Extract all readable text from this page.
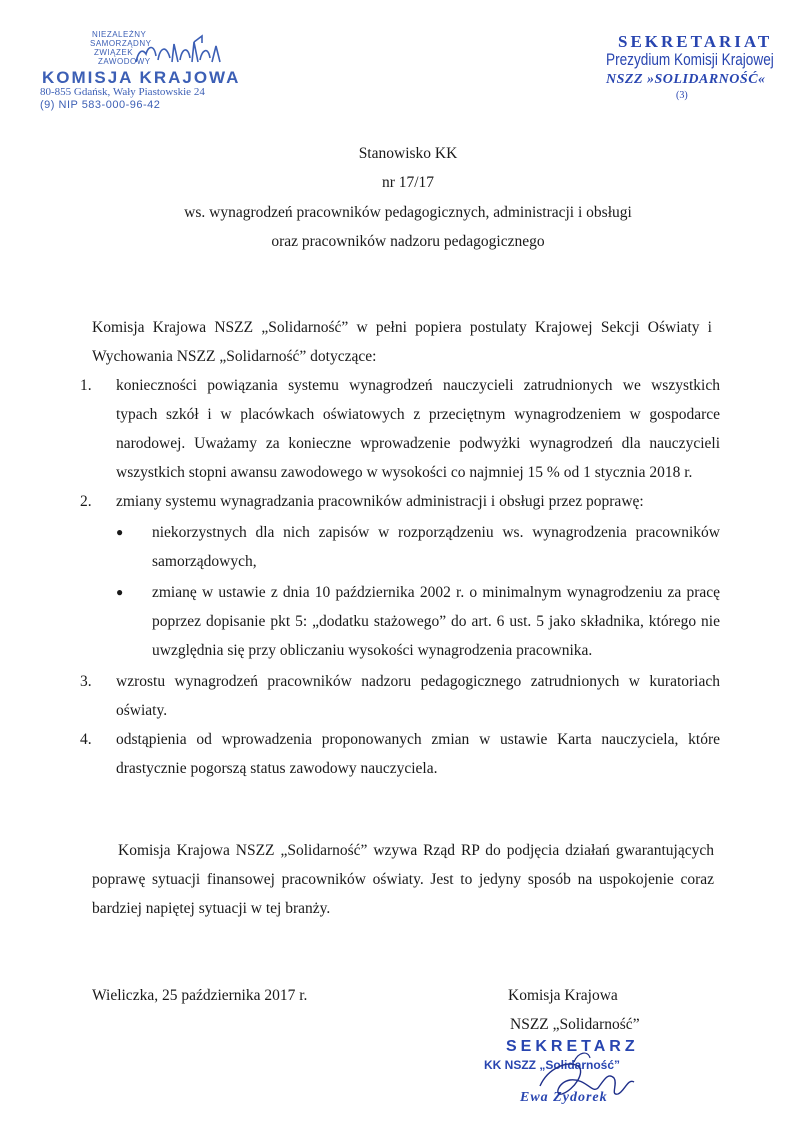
NIEZALEŻNY
SAMORZĄDNY
ZWIĄZEK
ZAWODOWY
KOMISJA KRAJOWA
80-855 Gdańsk, Wały Piastowskie 24
(9) NIP 583-000-96-42
SEKRETARIAT
Prezydium Komisji Krajowej
NSZZ »SOLIDARNOŚĆ«
(3)
Stanowisko KK
nr 17/17
ws. wynagrodzeń pracowników pedagogicznych, administracji i obsługi
oraz pracowników nadzoru pedagogicznego
Komisja Krajowa NSZZ „Solidarność” w pełni popiera postulaty Krajowej Sekcji Oświaty i Wychowania NSZZ „Solidarność” dotyczące:
1. konieczności powiązania systemu wynagrodzeń nauczycieli zatrudnionych we wszystkich typach szkół i w placówkach oświatowych z przeciętnym wynagrodzeniem w gospodarce narodowej. Uważamy za konieczne wprowadzenie podwyżki wynagrodzeń dla nauczycieli wszystkich stopni awansu zawodowego w wysokości co najmniej 15 % od 1 stycznia 2018 r.
2. zmiany systemu wynagradzania pracowników administracji i obsługi przez poprawę:
● niekorzystnych dla nich zapisów w rozporządzeniu ws. wynagrodzenia pracowników samorządowych,
● zmianę w ustawie z dnia 10 października 2002 r. o minimalnym wynagrodzeniu za pracę poprzez dopisanie pkt 5: „dodatku stażowego” do art. 6 ust. 5 jako składnika, którego nie uwzględnia się przy obliczaniu wysokości wynagrodzenia pracownika.
3. wzrostu wynagrodzeń pracowników nadzoru pedagogicznego zatrudnionych w kuratoriach oświaty.
4. odstąpienia od wprowadzenia proponowanych zmian w ustawie Karta nauczyciela, które drastycznie pogorszą status zawodowy nauczyciela.
Komisja Krajowa NSZZ „Solidarność” wzywa Rząd RP do podjęcia działań gwarantujących poprawę sytuacji finansowej pracowników oświaty. Jest to jedyny sposób na uspokojenie coraz bardziej napiętej sytuacji w tej branży.
Wieliczka, 25 października 2017 r.	Komisja Krajowa
NSZZ „Solidarność”
SEKRETARZ
KK NSZZ „Solidarność”
Ewa Zydorek
